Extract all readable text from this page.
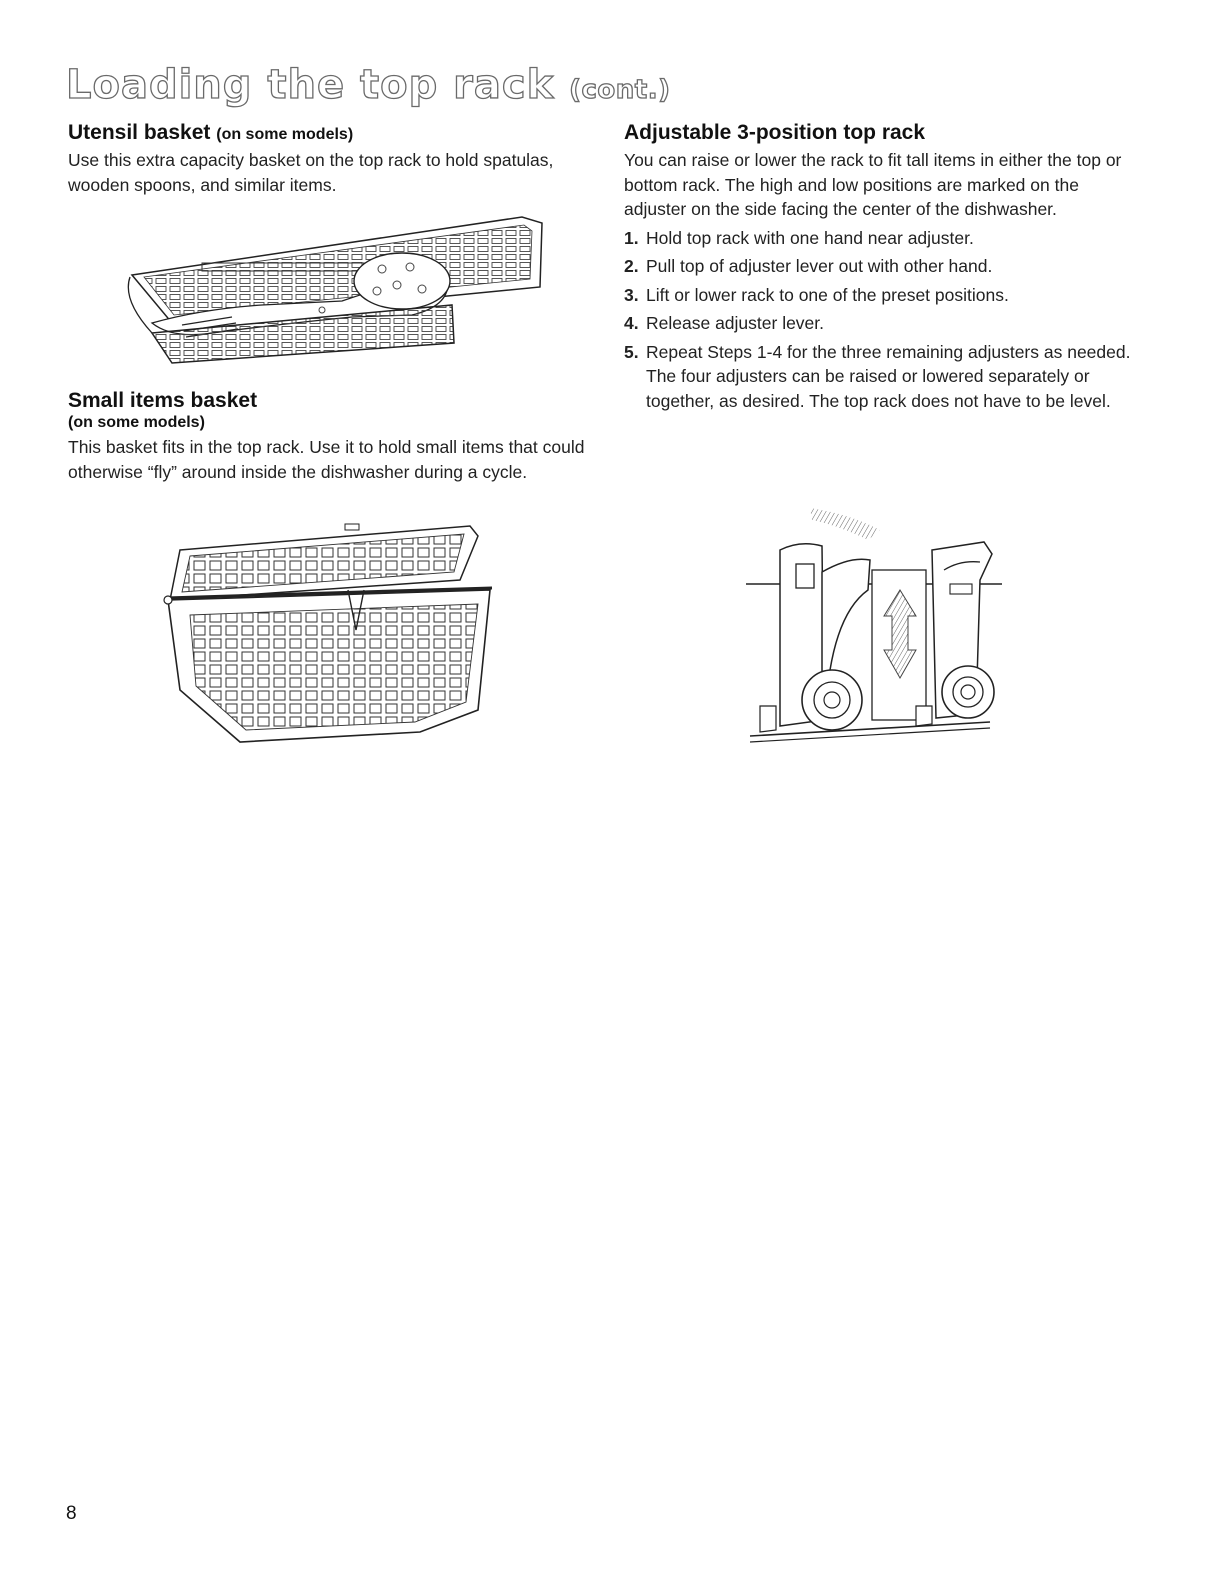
Loading the top rack (cont.)
Utensil basket (on some models)

Use this extra capacity basket on the top rack to hold spatulas, wooden spoons, and similar items.

Small items basket
(on some models)

This basket fits in the top rack. Use it to hold small items that could otherwise “fly” around inside the dishwasher during a cycle.

Adjustable 3-position top rack

You can raise or lower the rack to fit tall items in either the top or bottom rack. The high and low positions are marked on the adjuster on the side facing the center of the dishwasher.

1. Hold top rack with one hand near adjuster.
2. Pull top of adjuster lever out with other hand.
3. Lift or lower rack to one of the preset positions.
4. Release adjuster lever.
5. Repeat Steps 1-4 for the three remaining adjusters as needed. The four adjusters can be raised or lowered separately or together, as desired. The top rack does not have to be level.
8
